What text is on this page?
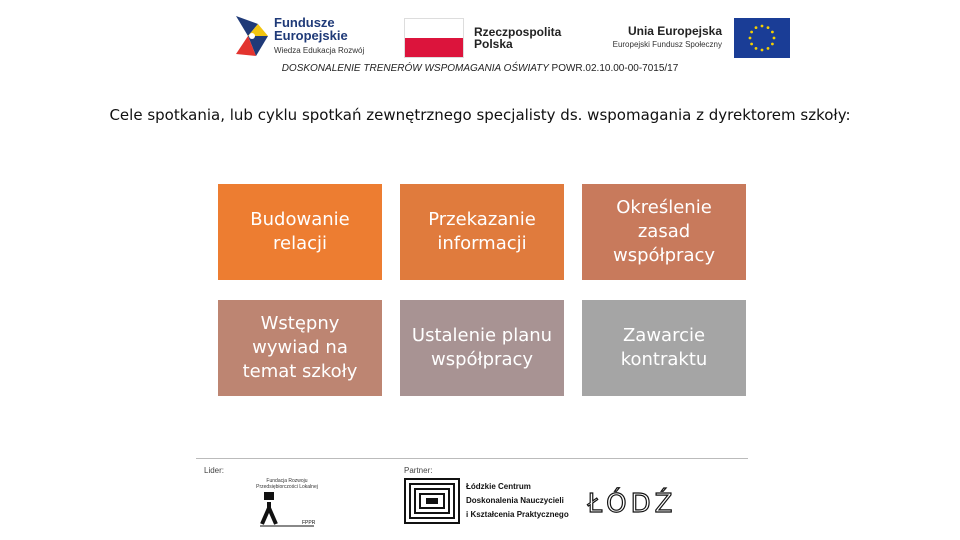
Fundusze
Europejskie
Wiedza Edukacja Rozwój
Rzeczpospolita
Polska
Unia Europejska
Europejski Fundusz Społeczny
DOSKONALENIE TRENERÓW WSPOMAGANIA OŚWIATY POWR.02.10.00-00-7015/17
Cele spotkania, lub cyklu spotkań zewnętrznego specjalisty ds. wspomagania z dyrektorem szkoły:
Budowanie relacji
Przekazanie informacji
Określenie zasad współpracy
Wstępny wywiad na temat szkoły
Ustalenie planu współpracy
Zawarcie kontraktu
Lider:	Partner:
Fundacja Rozwoju
Przedsiębiorczości Lokalnej
FPPR
Łódzkie Centrum
Doskonalenia Nauczycieli
i Kształcenia Praktycznego ŁÓDŹ
